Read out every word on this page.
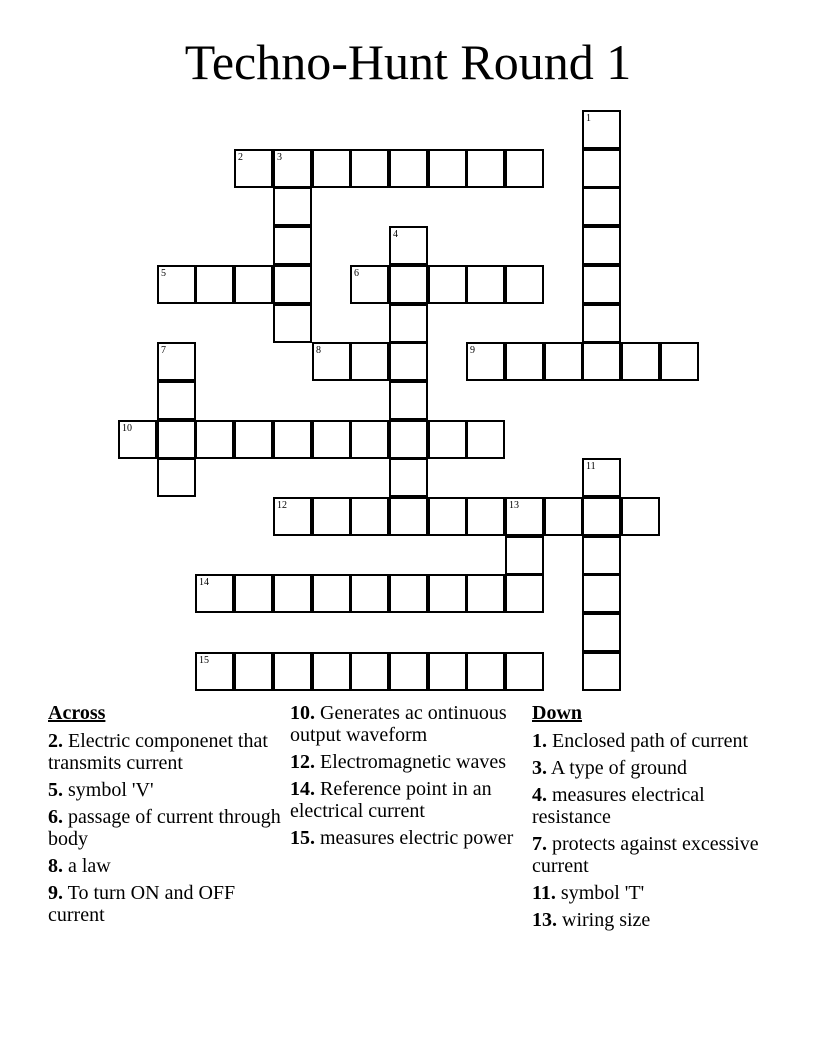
Techno-Hunt Round 1
1
2	3
4
5	6
7	8	9
10
11
12	13
14
15
Across
2. Electric componenet that transmits current
5. symbol 'V'
6. passage of current through body
8. a law
9. To turn ON and OFF current
10. Generates ac ontinuous output waveform
12. Electromagnetic waves
14. Reference point in an electrical current
15. measures electric power
Down
1. Enclosed path of current
3. A type of ground
4. measures electrical resistance
7. protects against excessive current
11. symbol 'T'
13. wiring size
